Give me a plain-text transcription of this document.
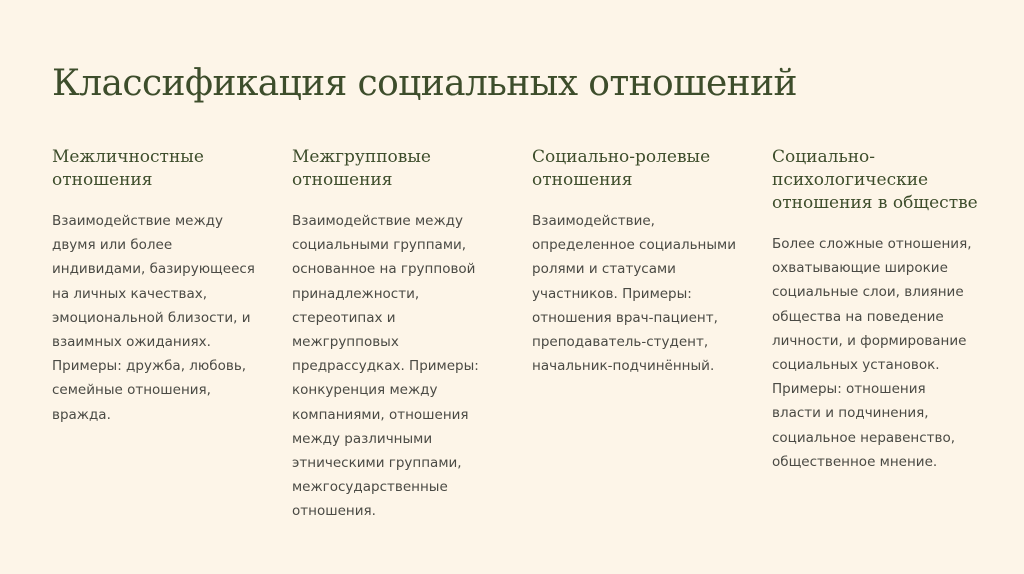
Классификация социальных отношений
Межличностные
отношения

Взаимодействие между
двумя или более
индивидами, базирующееся
на личных качествах,
эмоциональной близости, и
взаимных ожиданиях.
Примеры: дружба, любовь,
семейные отношения,
вражда.

Межгрупповые
отношения

Взаимодействие между
социальными группами,
основанное на групповой
принадлежности,
стереотипах и
межгрупповых
предрассудках. Примеры:
конкуренция между
компаниями, отношения
между различными
этническими группами,
межгосударственные
отношения.

Социально-ролевые
отношения

Взаимодействие,
определенное социальными
ролями и статусами
участников. Примеры:
отношения врач-пациент,
преподаватель-студент,
начальник-подчинённый.

Социально-
психологические
отношения в обществе

Более сложные отношения,
охватывающие широкие
социальные слои, влияние
общества на поведение
личности, и формирование
социальных установок.
Примеры: отношения
власти и подчинения,
социальное неравенство,
общественное мнение.
